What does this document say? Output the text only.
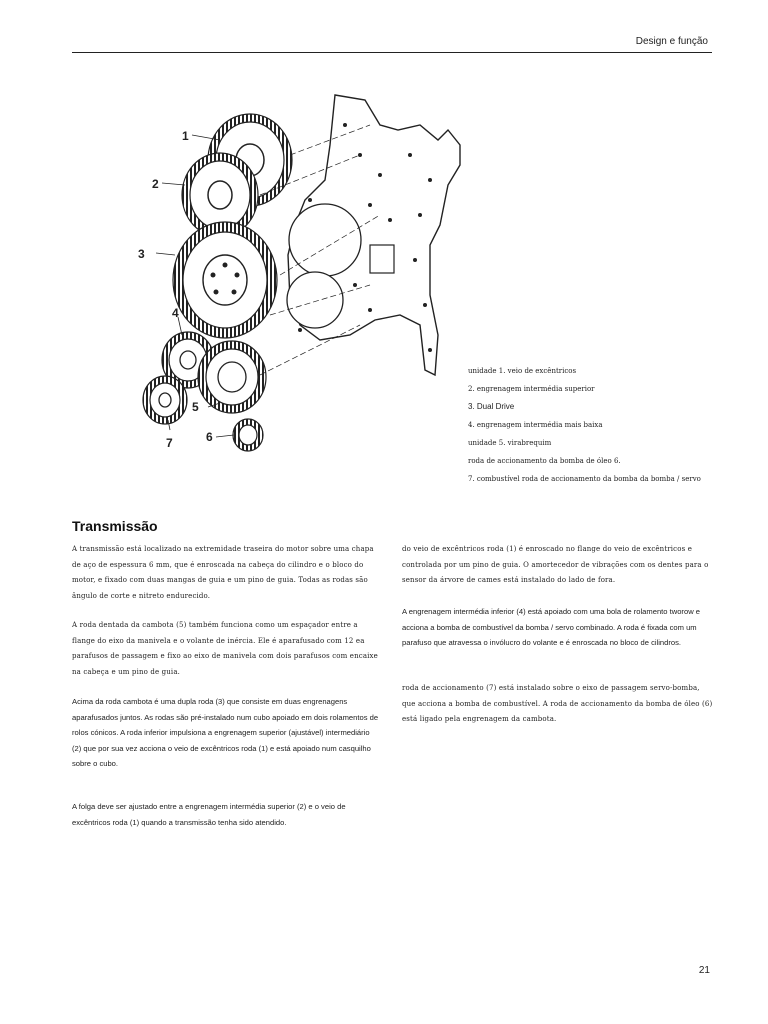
Design e função
1
2
3
4
5
6
7
unidade 1. veio de excêntricos
2. engrenagem intermédia superior
3. Dual Drive
4. engrenagem intermédia mais baixa
unidade 5. virabrequim
roda de accionamento da bomba de óleo 6.
7. combustível roda de accionamento da bomba da bomba / servo
Transmissão
A transmissão está localizado na extremidade traseira do motor sobre uma chapa de aço de espessura 6 mm, que é enroscada na cabeça do cilindro e o bloco do motor, e fixado com duas mangas de guia e um pino de guia. Todas as rodas são ângulo de corte e nitreto endurecido.
A roda dentada da cambota (5) também funciona como um espaçador entre a flange do eixo da manivela e o volante de inércia. Ele é aparafusado com 12 ea parafusos de passagem e fixo ao eixo de manivela com dois parafusos com encaixe na cabeça e um pino de guia.
Acima da roda cambota é uma dupla roda (3) que consiste em duas engrenagens aparafusados juntos. As rodas são pré-instalado num cubo apoiado em dois rolamentos de rolos cónicos. A roda inferior impulsiona a engrenagem superior (ajustável) intermediário (2) que por sua vez acciona o veio de excêntricos roda (1) e está apoiado num casquilho sobre o cubo.
A folga deve ser ajustado entre a engrenagem intermédia superior (2) e o veio de excêntricos roda (1) quando a transmissão tenha sido atendido.
do veio de excêntricos roda (1) é enroscado no flange do veio de excêntricos e controlada por um pino de guia. O amortecedor de vibrações com os dentes para o sensor da árvore de cames está instalado do lado de fora.
A engrenagem intermédia inferior (4) está apoiado com uma bola de rolamento tworow e acciona a bomba de combustível da bomba / servo combinado. A roda é fixada com um parafuso que atravessa o invólucro do volante e é enroscada no bloco de cilindros.
roda de accionamento (7) está instalado sobre o eixo de passagem servo-bomba, que acciona a bomba de combustível. A roda de accionamento da bomba de óleo (6) está ligado pela engrenagem da cambota.
21
